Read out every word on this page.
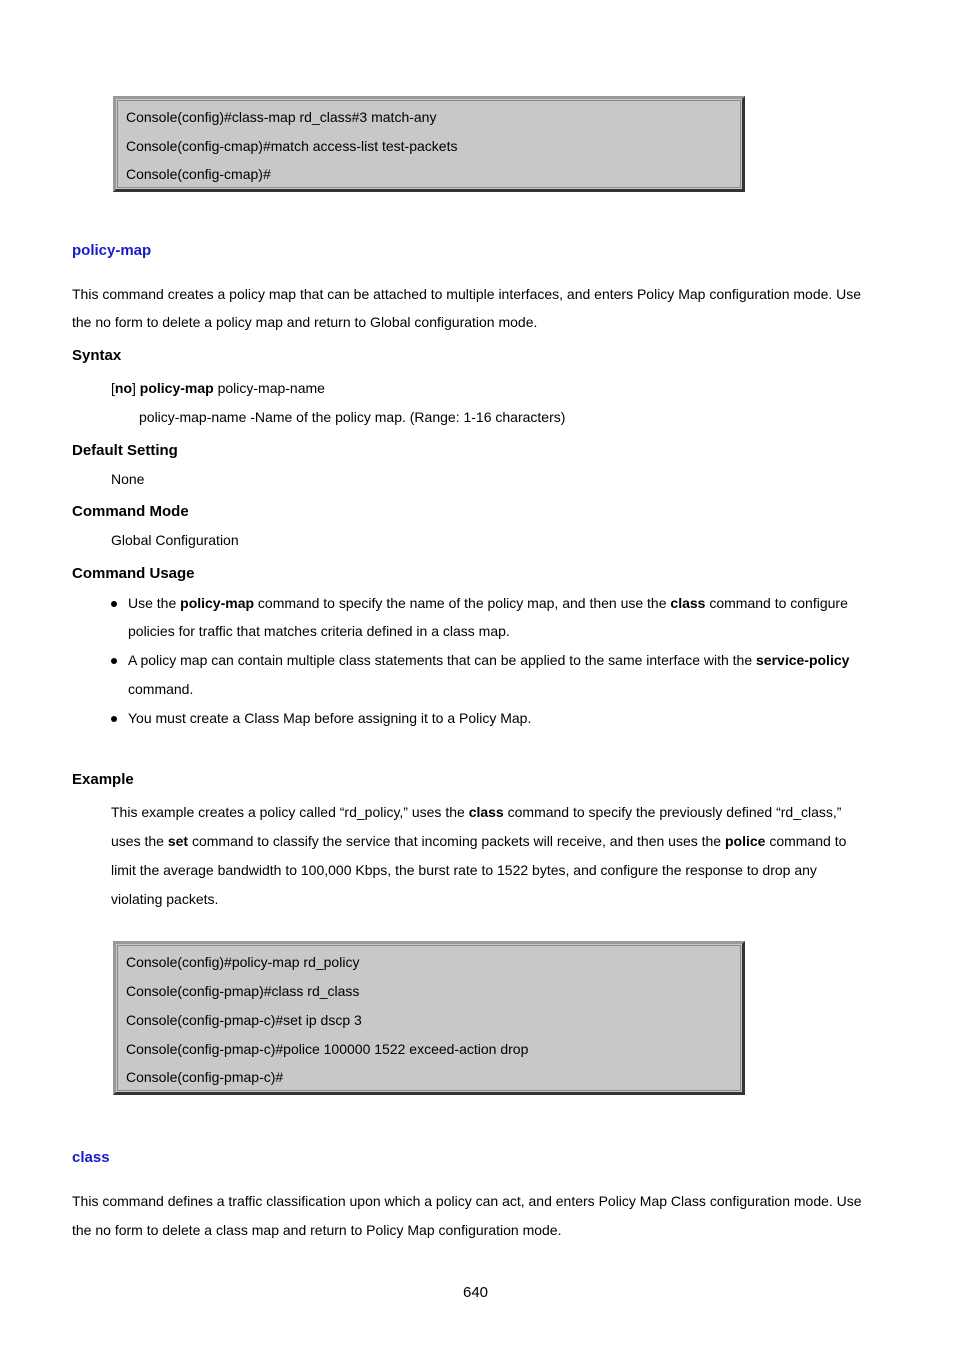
Console(config)#class-map rd_class#3 match-any
Console(config-cmap)#match access-list test-packets
Console(config-cmap)#
policy-map
This command creates a policy map that can be attached to multiple interfaces, and enters Policy Map configuration mode. Use
the no form to delete a policy map and return to Global configuration mode.
Syntax
[no] policy-map policy-map-name
policy-map-name -Name of the policy map. (Range: 1-16 characters)
Default Setting
None
Command Mode
Global Configuration
Command Usage
Use the policy-map command to specify the name of the policy map, and then use the class command to configure
policies for traffic that matches criteria defined in a class map.
A policy map can contain multiple class statements that can be applied to the same interface with the service-policy
command.
You must create a Class Map before assigning it to a Policy Map.
Example
This example creates a policy called “rd_policy,” uses the class command to specify the previously defined “rd_class,”
uses the set command to classify the service that incoming packets will receive, and then uses the police command to
limit the average bandwidth to 100,000 Kbps, the burst rate to 1522 bytes, and configure the response to drop any
violating packets.
Console(config)#policy-map rd_policy
Console(config-pmap)#class rd_class
Console(config-pmap-c)#set ip dscp 3
Console(config-pmap-c)#police 100000 1522 exceed-action drop
Console(config-pmap-c)#
class
This command defines a traffic classification upon which a policy can act, and enters Policy Map Class configuration mode. Use
the no form to delete a class map and return to Policy Map configuration mode.
640
